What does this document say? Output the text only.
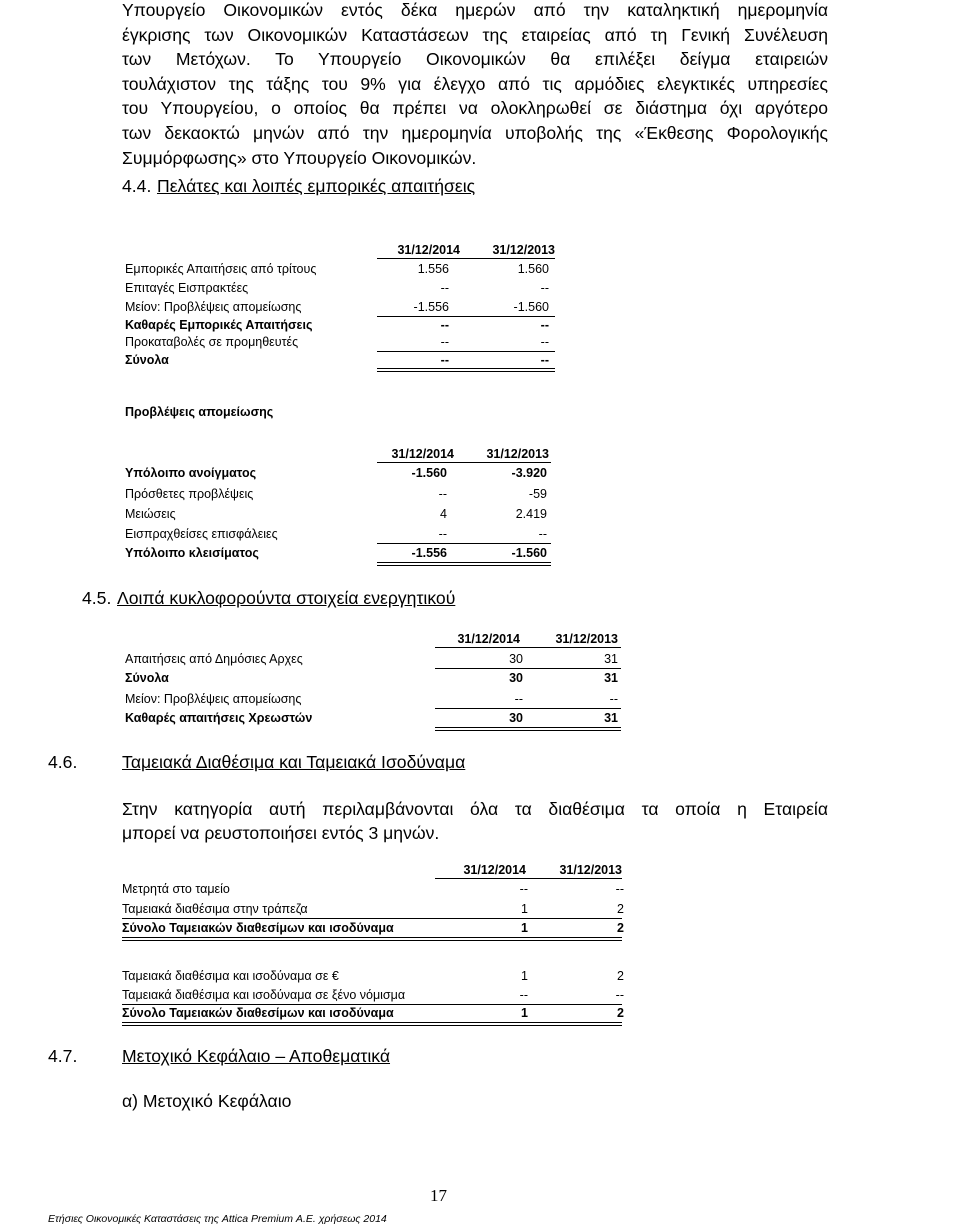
Υπουργείο Οικονομικών εντός δέκα ημερών από την καταληκτική ημερομηνία
έγκρισης των Οικονομικών Καταστάσεων της εταιρείας από τη Γενική Συνέλευση
των Μετόχων. Το Υπουργείο Οικονομικών θα επιλέξει δείγμα εταιρειών
τουλάχιστον της τάξης του 9% για έλεγχο από τις αρμόδιες ελεγκτικές υπηρεσίες
του Υπουργείου, ο οποίος θα πρέπει να ολοκληρωθεί σε διάστημα όχι αργότερο
των δεκαοκτώ μηνών από την ημερομηνία υποβολής της «Έκθεσης Φορολογικής
Συμμόρφωσης» στο Υπουργείο Οικονομικών.
4.4. Πελάτες και λοιπές εμπορικές απαιτήσεις
31/12/2014	31/12/2013
Εμπορικές Απαιτήσεις από τρίτους	1.556	1.560
Επιταγές Εισπρακτέες	--	--
Μείον: Προβλέψεις απομείωσης	-1.556	-1.560
Καθαρές Εμπορικές Απαιτήσεις	--	--
Προκαταβολές σε προμηθευτές	--	--
Σύνολα	--	--
Προβλέψεις απομείωσης
31/12/2014	31/12/2013
Υπόλοιπο ανοίγματος	-1.560	-3.920
Πρόσθετες προβλέψεις	--	-59
Μειώσεις	4	2.419
Εισπραχθείσες επισφάλειες	--	--
Υπόλοιπο κλεισίματος	-1.556	-1.560
4.5. Λοιπά κυκλοφορούντα στοιχεία ενεργητικού
31/12/2014	31/12/2013
Απαιτήσεις από Δημόσιες Αρχες	30	31
Σύνολα	30	31
Μείον: Προβλέψεις απομείωσης	--	--
Καθαρές απαιτήσεις Χρεωστών	30	31
4.6.	Ταμειακά Διαθέσιμα και Ταμειακά Ισοδύναμα
Στην κατηγορία αυτή περιλαμβάνονται όλα τα διαθέσιμα τα οποία η Εταιρεία
μπορεί να ρευστοποιήσει εντός 3 μηνών.
31/12/2014	31/12/2013
Μετρητά στο ταμείο	--	--
Ταμειακά διαθέσιμα στην τράπεζα	1	2
Σύνολο Ταμειακών διαθεσίμων και ισοδύναμα	1	2
Ταμειακά διαθέσιμα και ισοδύναμα σε €	1	2
Ταμειακά διαθέσιμα και ισοδύναμα σε ξένο νόμισμα	--	--
Σύνολο Ταμειακών διαθεσίμων και ισοδύναμα	1	2
4.7.	Μετοχικό Κεφάλαιο – Αποθεματικά
α) Μετοχικό Κεφάλαιο
17
Ετήσιες Οικονομικές Καταστάσεις της Attica Premium Α.Ε. χρήσεως 2014
